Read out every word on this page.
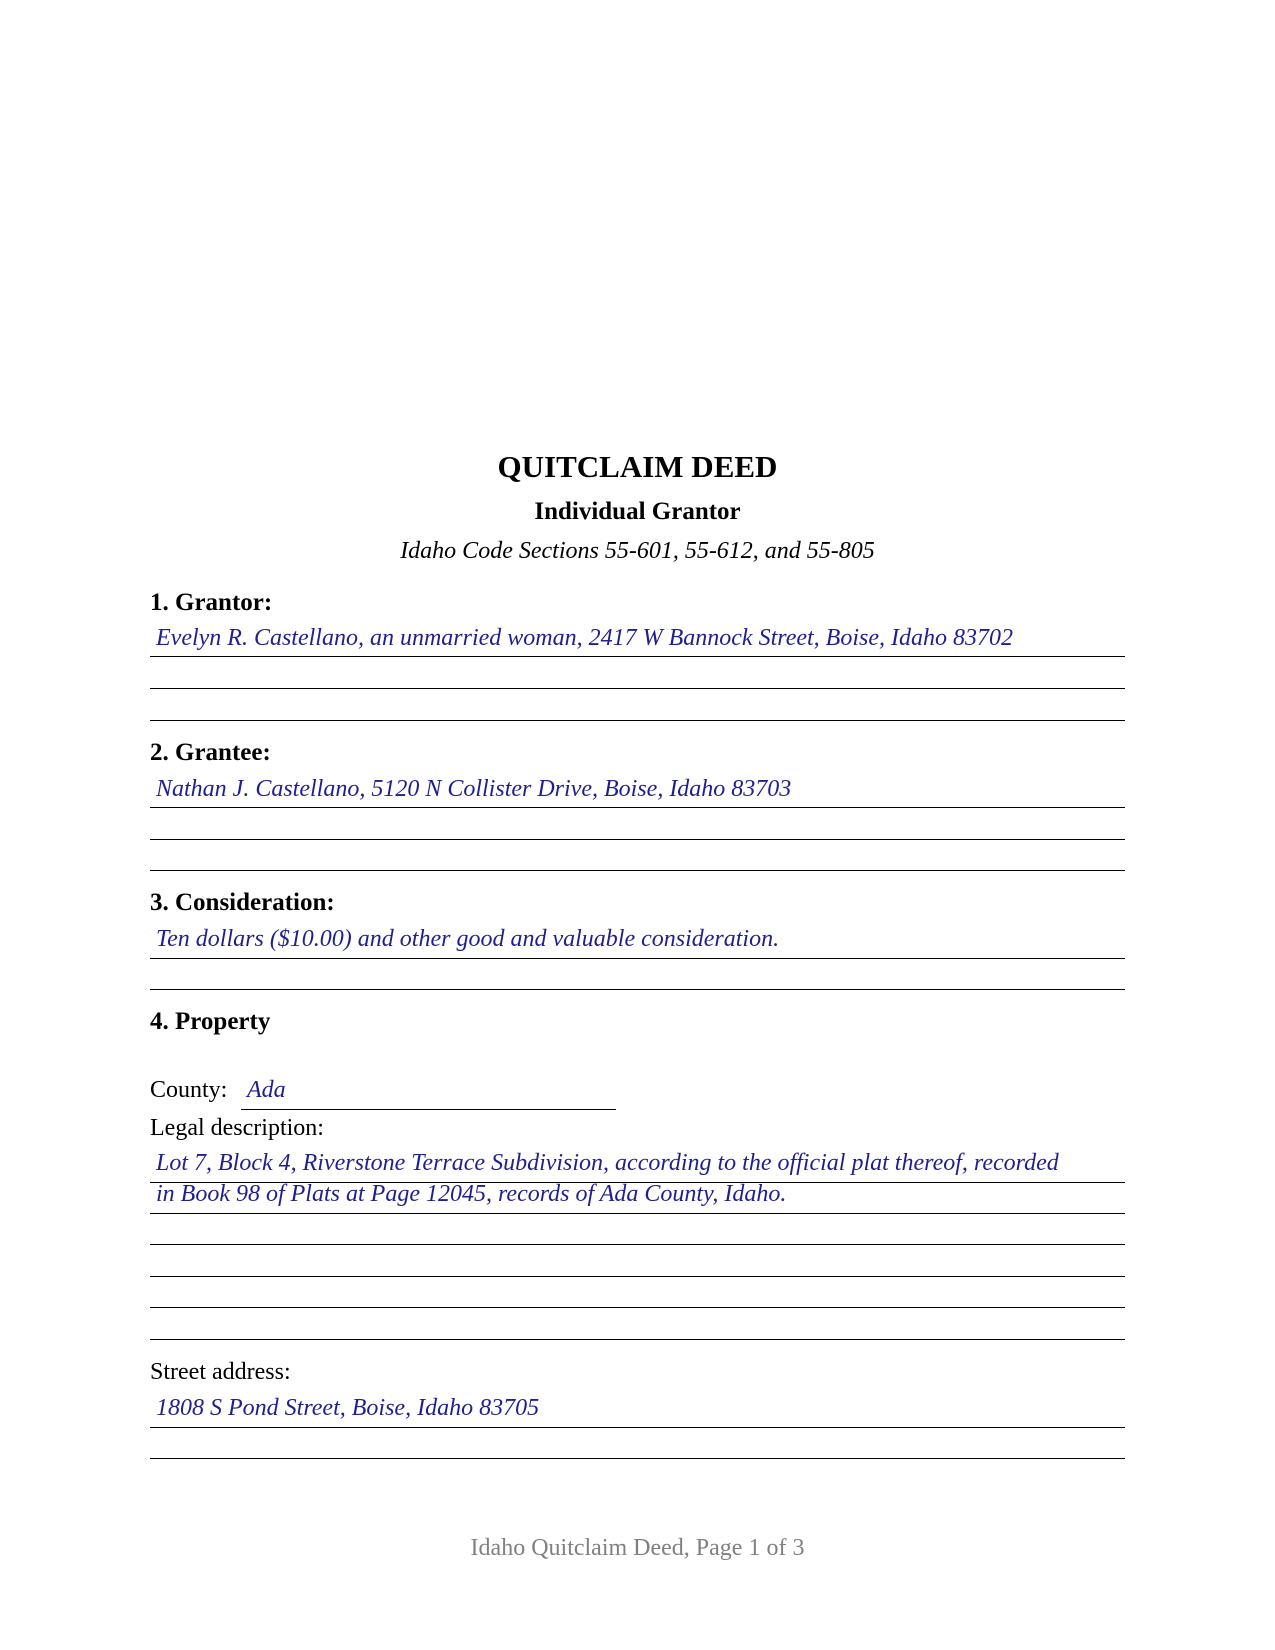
QUITCLAIM DEED
Individual Grantor
Idaho Code Sections 55-601, 55-612, and 55-805
1. Grantor:
Evelyn R. Castellano, an unmarried woman, 2417 W Bannock Street, Boise, Idaho 83702
2. Grantee:
Nathan J. Castellano, 5120 N Collister Drive, Boise, Idaho 83703
3. Consideration:
Ten dollars ($10.00) and other good and valuable consideration.
4. Property
County: Ada
Legal description:
Lot 7, Block 4, Riverstone Terrace Subdivision, according to the official plat thereof, recorded
in Book 98 of Plats at Page 12045, records of Ada County, Idaho.
Street address:
1808 S Pond Street, Boise, Idaho 83705
Idaho Quitclaim Deed, Page 1 of 3
